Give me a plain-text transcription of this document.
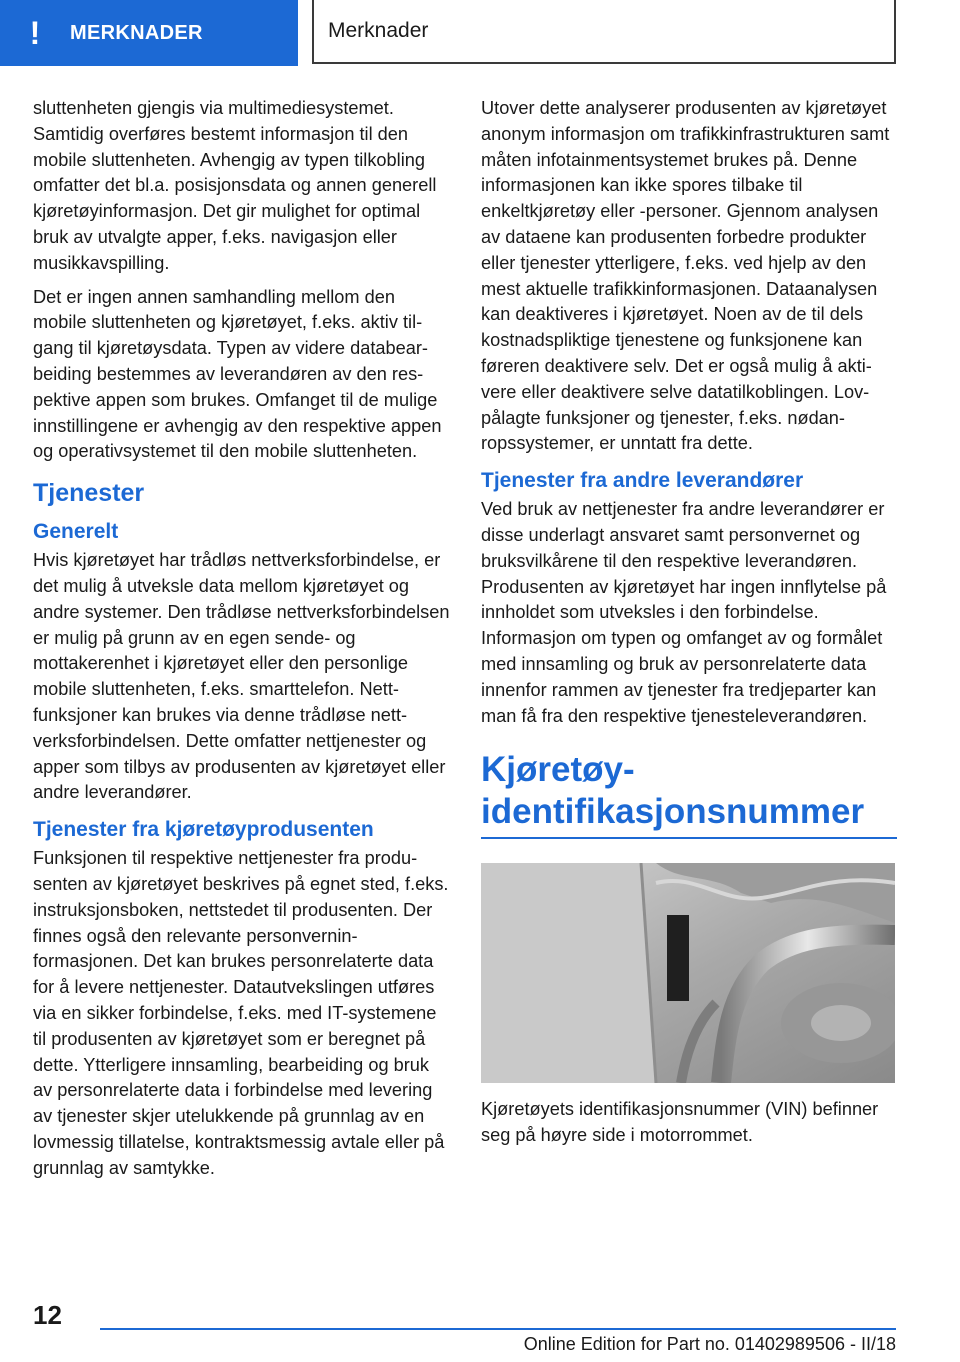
!	MERKNADER	Merknader

sluttenheten gjengis via multimediesystemet. Samtidig overføres bestemt informasjon til den mobile sluttenheten. Avhengig av typen tilkobling omfatter det bl.a. posisjonsdata og annen generell kjøretøyinformasjon. Det gir mulighet for optimal bruk av utvalgte apper, f.eks. navigasjon eller musikkavspilling.

Det er ingen annen samhandling mellom den mobile sluttenheten og kjøretøyet, f.eks. aktiv tilgang til kjøretøysdata. Typen av videre databearbeiding bestemmes av leverandøren av den respektive appen som brukes. Omfanget til de mulige innstillingene er avhengig av den respektive appen og operativsystemet til den mobile sluttenheten.

Tjenester
Generelt

Hvis kjøretøyet har trådløs nettverksforbindelse, er det mulig å utveksle data mellom kjøretøyet og andre systemer. Den trådløse nettverksforbindelsen er mulig på grunn av en egen sende- og mottakerenhet i kjøretøyet eller den personlige mobile sluttenheten, f.eks. smarttelefon. Nettfunksjoner kan brukes via denne trådløse nettverksforbindelsen. Dette omfatter nettjenester og apper som tilbys av produsenten av kjøretøyet eller andre leverandører.

Tjenester fra kjøretøyprodusenten

Funksjonen til respektive nettjenester fra produsenten av kjøretøyet beskrives på egnet sted, f.eks. instruksjonsboken, nettstedet til produsenten. Der finnes også den relevante personverninformasjonen. Det kan brukes personrelaterte data for å levere nettjenester. Datautvekslingen utføres via en sikker forbindelse, f.eks. med IT-systemene til produsenten av kjøretøyet som er beregnet på dette. Ytterligere innsamling, bearbeiding og bruk av personrelaterte data i forbindelse med levering av tjenester skjer utelukkende på grunnlag av en lovmessig tillatelse, kontraktsmessig avtale eller på grunnlag av samtykke.

Utover dette analyserer produsenten av kjøretøyet anonym informasjon om trafikkinfrastrukturen samt måten infotainmentsystemet brukes på. Denne informasjonen kan ikke spores tilbake til enkeltkjøretøy eller -personer. Gjennom analysen av dataene kan produsenten forbedre produkter eller tjenester ytterligere, f.eks. ved hjelp av den mest aktuelle trafikkinformasjonen. Dataanalysen kan deaktiveres i kjøretøyet. Noen av de til dels kostnadspliktige tjenestene og funksjonene kan føreren deaktivere selv. Det er også mulig å aktivere eller deaktivere selve datatilkoblingen. Lovpålagte funksjoner og tjenester, f.eks. nødanropssystemer, er unntatt fra dette.

Tjenester fra andre leverandører

Ved bruk av nettjenester fra andre leverandører er disse underlagt ansvaret samt personvernet og bruksvilkårene til den respektive leverandøren. Produsenten av kjøretøyet har ingen innflytelse på innholdet som utveksles i den forbindelse. Informasjon om typen og omfanget av og formålet med innsamling og bruk av personrelaterte data innenfor rammen av tjenester fra tredjeparter kan man få fra den respektive tjenesteleverandøren.

Kjøretøy-
identifikasjonsnummer

Kjøretøyets identifikasjonsnummer (VIN) befinner seg på høyre side i motorrommet.

12
Online Edition for Part no. 01402989506 - II/18
